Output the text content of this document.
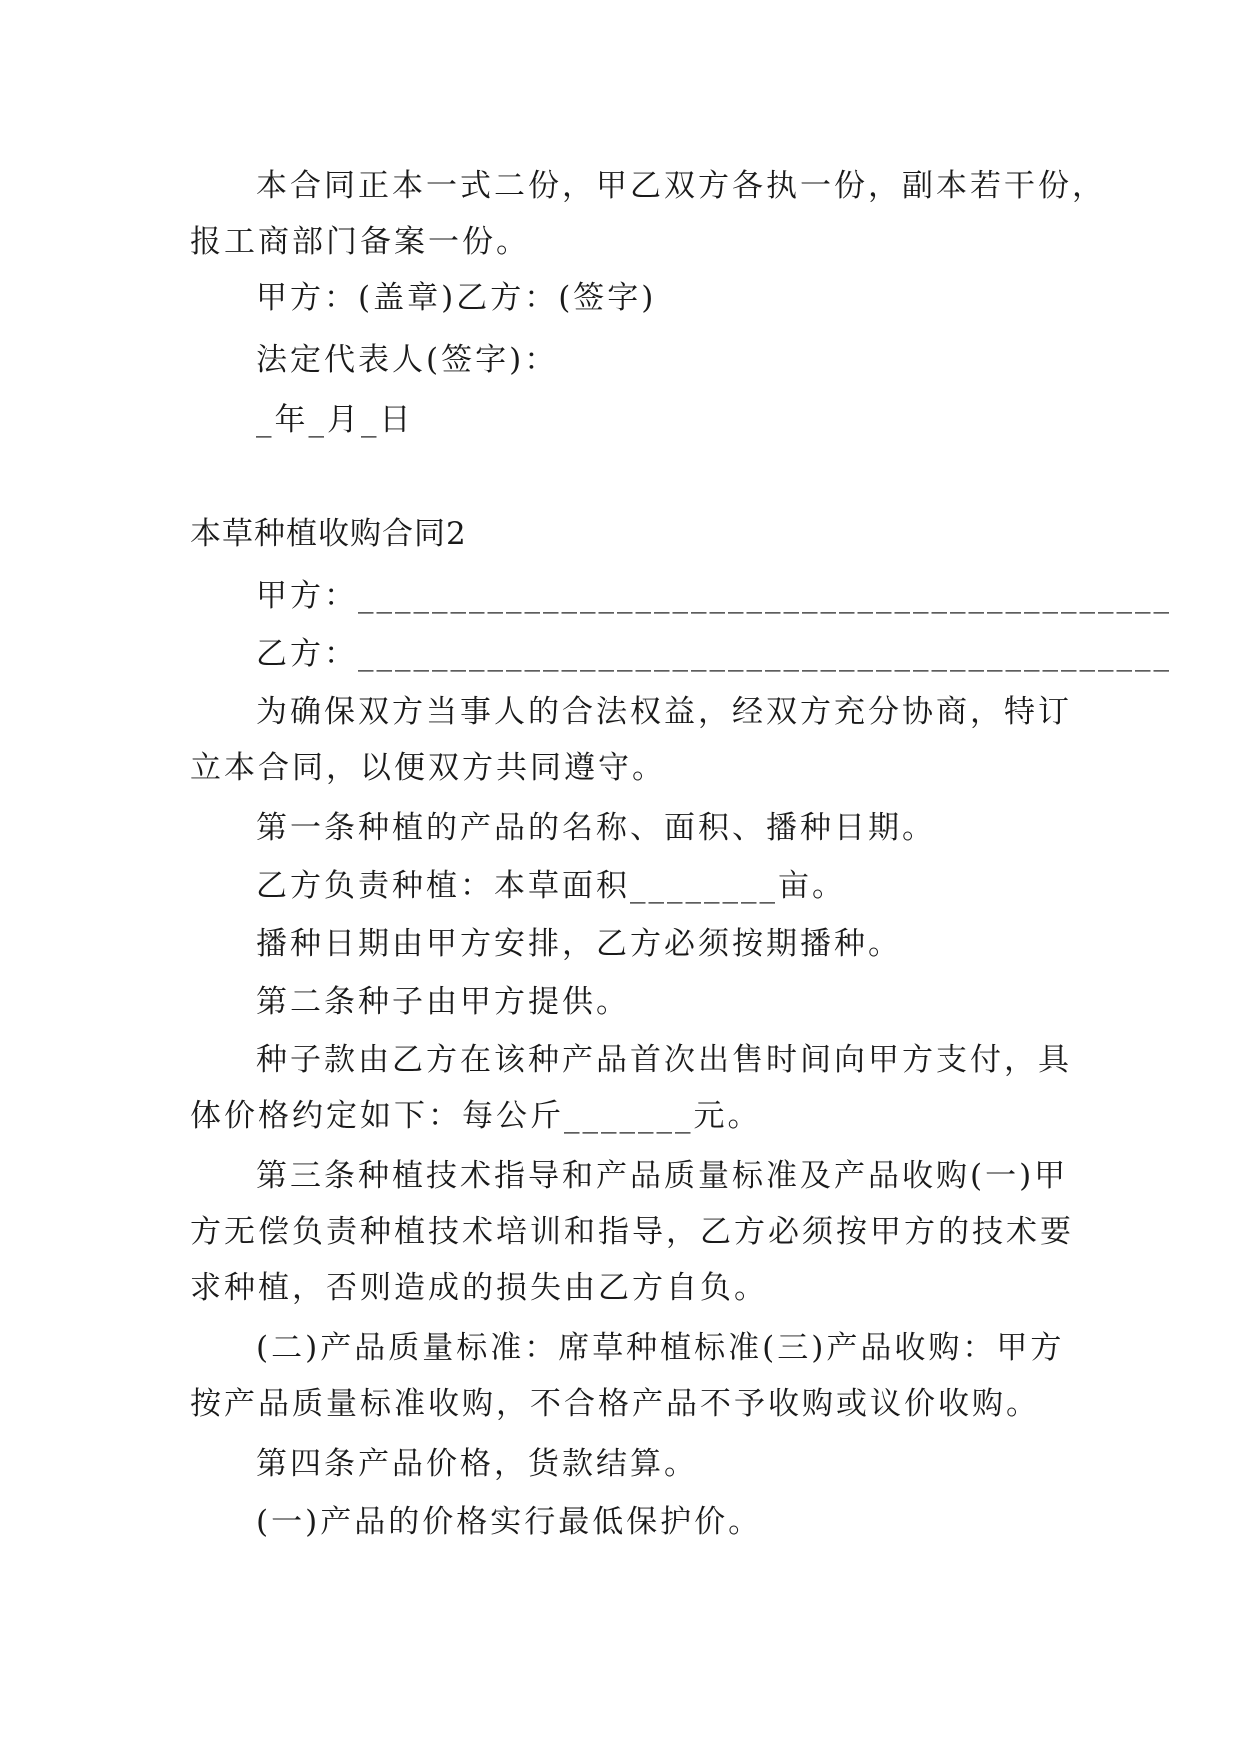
本合同正本一式二份，甲乙双方各执一份，副本若干份，
报工商部门备案一份。
甲方：(盖章)乙方：(签字)
法定代表人(签字)：
_年_月_日
本草种植收购合同2
甲方：____________________________________________
乙方：____________________________________________
为确保双方当事人的合法权益，经双方充分协商，特订
立本合同，以便双方共同遵守。
第一条种植的产品的名称、面积、播种日期。
乙方负责种植：本草面积________亩。
播种日期由甲方安排，乙方必须按期播种。
第二条种子由甲方提供。
种子款由乙方在该种产品首次出售时间向甲方支付，具
体价格约定如下：每公斤_______元。
第三条种植技术指导和产品质量标准及产品收购(一)甲
方无偿负责种植技术培训和指导，乙方必须按甲方的技术要
求种植，否则造成的损失由乙方自负。
(二)产品质量标准：席草种植标准(三)产品收购：甲方
按产品质量标准收购，不合格产品不予收购或议价收购。
第四条产品价格，货款结算。
(一)产品的价格实行最低保护价。
